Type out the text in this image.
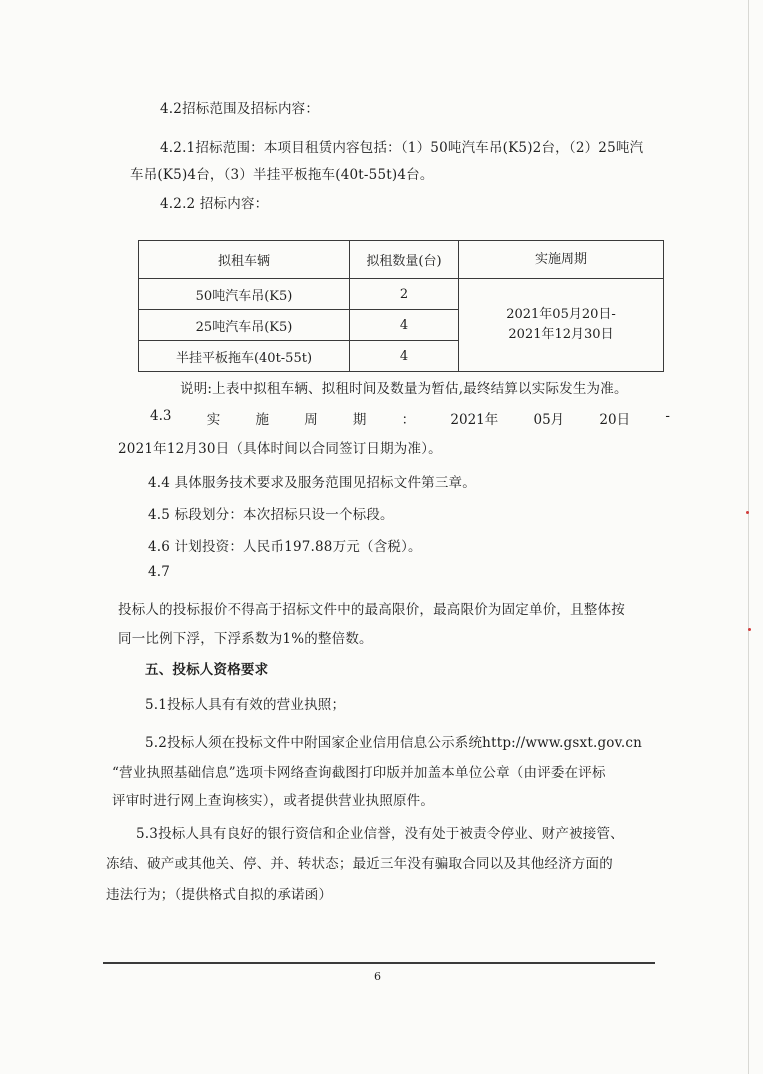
4.2招标范围及招标内容：
4.2.1招标范围：本项目租赁内容包括：（1）50吨汽车吊(K5)2台，（2）25吨汽
车吊(K5)4台，（3）半挂平板拖车(40t-55t)4台。
4.2.2 招标内容：
拟租车辆	拟租数量(台)	实施周期
50吨汽车吊(K5)	2	2021年05月20日-
2021年12月30日

25吨汽车吊(K5)	4	
半挂平板拖车(40t-55t)	4	
说明:上表中拟租车辆、拟租时间及数量为暂估,最终结算以实际发生为准。
4.3	实	施	周	期	：	2021年	05月	20日	-
2021年12月30日（具体时间以合同签订日期为准）。
4.4 具体服务技术要求及服务范围见招标文件第三章。
4.5 标段划分：本次招标只设一个标段。
4.6 计划投资：人民币197.88万元（含税）。
4.7
投标人的投标报价不得高于招标文件中的最高限价，最高限价为固定单价，且整体按
同一比例下浮，下浮系数为1%的整倍数。
五、投标人资格要求
5.1投标人具有有效的营业执照；
5.2投标人须在投标文件中附国家企业信用信息公示系统http://www.gsxt.gov.cn
“营业执照基础信息”选项卡网络查询截图打印版并加盖本单位公章（由评委在评标
评审时进行网上查询核实），或者提供营业执照原件。
5.3投标人具有良好的银行资信和企业信誉，没有处于被责令停业、财产被接管、
冻结、破产或其他关、停、并、转状态；最近三年没有骗取合同以及其他经济方面的
违法行为；（提供格式自拟的承诺函）
6
